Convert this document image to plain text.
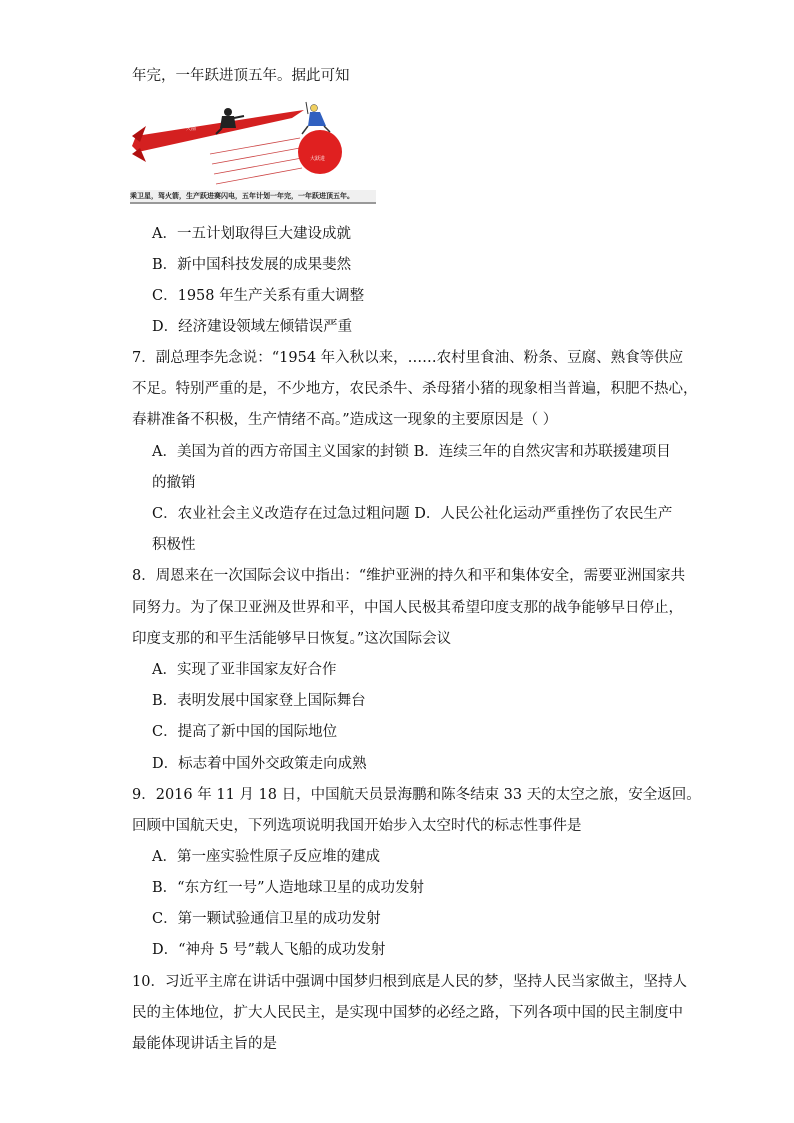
年完，一年跃进顶五年。据此可知
火箭
大跃进
乘卫星，驾火箭，生产跃进赛闪电，五年计划一年完，一年跃进顶五年。
A．一五计划取得巨大建设成就
B．新中国科技发展的成果斐然
C．1958 年生产关系有重大调整
D．经济建设领域左倾错误严重
7．副总理李先念说：“1954 年入秋以来，……农村里食油、粉条、豆腐、熟食等供应
不足。特别严重的是，不少地方，农民杀牛、杀母猪小猪的现象相当普遍，积肥不热心，
春耕准备不积极，生产情绪不高。”造成这一现象的主要原因是（ ）
A．美国为首的西方帝国主义国家的封锁 B．连续三年的自然灾害和苏联援建项目
的撤销
C．农业社会主义改造存在过急过粗问题 D．人民公社化运动严重挫伤了农民生产
积极性
8．周恩来在一次国际会议中指出：“维护亚洲的持久和平和集体安全，需要亚洲国家共
同努力。为了保卫亚洲及世界和平，中国人民极其希望印度支那的战争能够早日停止，
印度支那的和平生活能够早日恢复。”这次国际会议
A．实现了亚非国家友好合作
B．表明发展中国家登上国际舞台
C．提高了新中国的国际地位
D．标志着中国外交政策走向成熟
9．2016 年 11 月 18 日，中国航天员景海鹏和陈冬结束 33 天的太空之旅，安全返回。
回顾中国航天史，下列选项说明我国开始步入太空时代的标志性事件是
A．第一座实验性原子反应堆的建成
B．“东方红一号”人造地球卫星的成功发射
C．第一颗试验通信卫星的成功发射
D．“神舟 5 号”载人飞船的成功发射
10．习近平主席在讲话中强调中国梦归根到底是人民的梦，坚持人民当家做主，坚持人
民的主体地位，扩大人民民主，是实现中国梦的必经之路，下列各项中国的民主制度中
最能体现讲话主旨的是
